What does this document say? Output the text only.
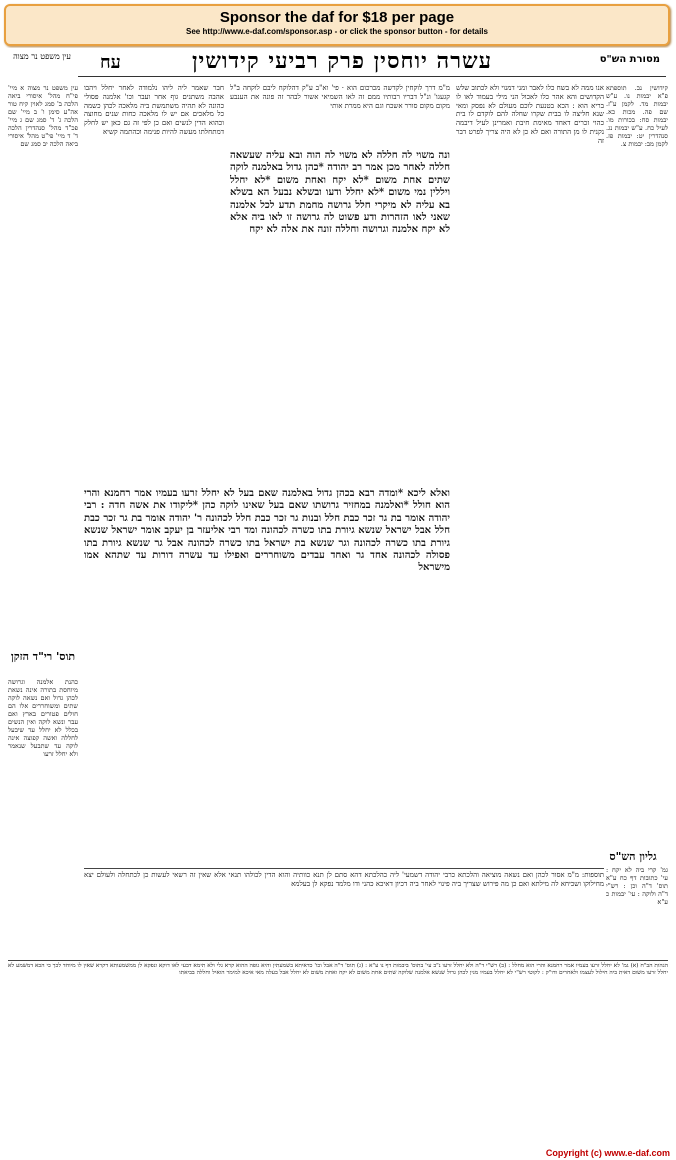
Sponsor the daf for $18 per page
See http://www.e-daf.com/sponsor.asp - or click the sponsor button - for details
מסורת הש"ס
עשרה יוחסין פרק רביעי קידושין
עח
עין משפט נר מצוה
עין משפט נר מצוה א מיי' פי"ח מהל' איסורי ביאה הלכה ב' סמג לאוין קיח טור אה"ע סימן ו' ב מיי' שם הלכה ג' ד' סמג שם ג מיי' פכ"ד מהל' סנהדרין הלכה ד' ד מיי' פי"ט מהל' איסורי ביאה הלכה יב סמג שם
תוס' רי"ד הזקן
כהנת אלמנה וגרושה מיוחסת בתורה אינה נשאת לכהן גדול ואם נשאה לוקה שתים ומשוחררים אלו הם חולים פטורים בארץ ואם עבר ונשא לוקה ואין הנשים בכלל לא יחלל עד שיבעל לחללה ואשה קפוצה אינה לוקה עד שתבעל שנאמר ולא יחלל זרעו
חבר שאמר ליה ליהו נלמודה לאחר יחלל ויהבו אהבה משתנים גוף אחר ועבר וכו' אלמנה פסולי כהונה לא תהיה משתמשת ביה מלאכה לכהן כשמה כל מלאכים אם יש לו מלאכה כחות שנים מחוצה וכהוא הדין לנשים ואם כן לפי זה גם כאן יש לחלק דמתחלתו מעשה להיות פנימה וכהתמה קשיא
מ"מ דרך לוקחין לקדשה מכרכום הוא · פי' וא"ב ע"ק דהלוקח ליבם לוקחה ב"ל קגעגו' ונ"ל דבריו רבותיו ממם זה לאו השמיאי אשור לבהר זה פונה את הענבע מקום מקום סורר אשכח וגם היא ממרת אותי
ונה משוי לה חללה לא משוי לה הוה ובא עליה שעשאה חללה לאחר מכן אמר רב יהודה *כהן גדול באלמנה לוקה שתים אחת משום *לא יקח ואחת משום *לא יחלל ויללין נמי משום *לא יחלל ודעו ובשלא נבעל הא בשלא בא עליה לא מיקרי חלל גרושה מחמת תדע לכל אלמנה שאני לאו הזהרות ודע פשוט לה גרושה זו לאו ביה אלא לא יקח אלמנה וגרושה וחללה זונה את אלה לא יקח
ואלא ליכא *ומדה רבא בכהן גדול באלמנה שאם בעל לא יחלל זרעו בעמיו אמר רחמנא והרי הוא חולל *ואלמנה במחזיר גרושתו שאם בעל שאינו לוקה כהן *ליקודו את אשה חדה : רבי יהודה אומר בת גר זכר כבת חלל ובנות גר זכר כבת חלל לכהונה ר' יהודה אומר בת גר זכר כבת חלל אבל ישראל שנשא גיורת בתו כשרה לכהונה ומד רבי אליעזר בן יעקב אומר ישראל שנשא גיורת בתו כשרה לכהונה וגר שנשא בת ישראל בתו כשרה לכהונה אבל גר שנשא גיורת בתו פסולה לכהונה אחד גר ואחד עבדים משוחררים ואפילו עד עשרה דורות עד שתהא אמו מישראל
אנו ממה לא בשח כלו לאבר ומני דמנוי ולא לכתוב שלש הקדושים והא אהר כלו לאכול הני מילי בעמוד לאו לו בריא הוא : הכא בטנעת לוכם מעולם לא נפסק ומאי שנא חליצה לו בבית שקרו שחלה להם לוקדם לו בית כהוי זכרים דאחד מאימת חיבת ואמרינן לעיל דיבמה נקנית לו מן התורה ואם לא כן לא היה צריך לפרט דבר זה
קידושין נב. תוספתא פ"א יבמות נו. ע"ש יבמות מד. לקמן ע"ז. שם פה. מכות כא. יבמות סח: בכורות מו. לעיל כח. ע"ש יבמות נג. סנהדרין יט: יבמות פז. לקמן מב: יבמות צ.
גליון הש"ס
גמ' קרי ביה לא יקח : עי' כתובות דף כח ע"א תוס' ד"ה וכן : רש"י ד"ה ולוקה : עי' יבמות כ ע"א
תוספות: מ"מ אסור לכהן ואם נשאה מוציאה והלכתא כרבי יהודה דשמעי' ליה כהלכתא דהא סתם לן תנא כוותיה והוא הדין לכולהו תנאי אלא שאין זה רשאי לעשות כן לכתחלה ולעולם יצא מחילוקו ושכיחא לה מילתא ואם כן מה פירוש שצריך ביה פינוי לאחר ביה דכיון דאיכא כהני ודו מלמד נפקא לן בעלמא
הגהות הב"ח (א) גמ' לא יחלל זרעו בעמיו אמר רחמנא והרי הוא מחלל : (ב) רש"י ד"ה ולא יחלל זרעו נ"ב עי' בתוס' ביבמות דף נו ע"א : (ג) תוס' ד"ה אבל וכו' כדאיתא בשמעתין והיא גופה ההוא קרא גלי ולא תימא דבעי לאו דוקא ונפקא לן ממשמעותא דקרא שאין לו מיוחד לכך כי הכא דמשמע לא יחלל זרעו משום דאית ביה חילול לעצמו ולאחרים ודו"ק : לקוטי רש"י לא יחלל בעמיו מנין לכהן גדול שנשא אלמנה שלוקה שתים אחת משום לא יקח ואחת משום לא יחלל אבל בעלה מאי איכא למימר הואיל וחללה בביאתו
Copyright (c) www.e-daf.com
